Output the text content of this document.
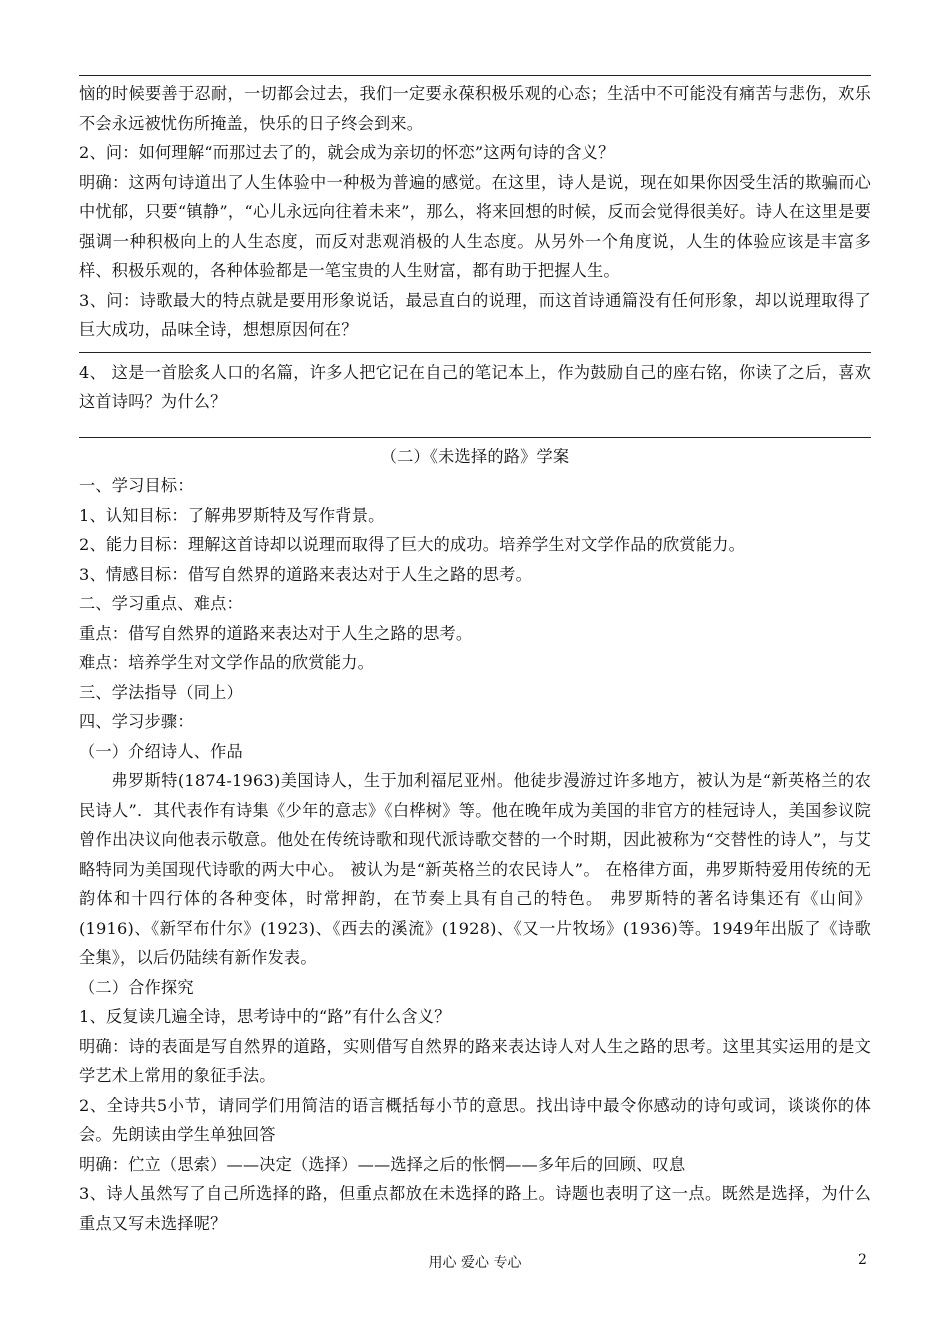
恼的时候要善于忍耐，一切都会过去，我们一定要永葆积极乐观的心态；生活中不可能没有痛苦与悲伤，欢乐不会永远被忧伤所掩盖，快乐的日子终会到来。

2、问：如何理解“而那过去了的，就会成为亲切的怀恋”这两句诗的含义？

明确：这两句诗道出了人生体验中一种极为普遍的感觉。在这里，诗人是说，现在如果你因受生活的欺骗而心中忧郁，只要“镇静”，“心儿永远向往着未来”，那么，将来回想的时候，反而会觉得很美好。诗人在这里是要强调一种积极向上的人生态度，而反对悲观消极的人生态度。从另外一个角度说，人生的体验应该是丰富多样、积极乐观的，各种体验都是一笔宝贵的人生财富，都有助于把握人生。

3、问：诗歌最大的特点就是要用形象说话，最忌直白的说理，而这首诗通篇没有任何形象，却以说理取得了巨大成功，品味全诗，想想原因何在？

4、 这是一首脍炙人口的名篇，许多人把它记在自己的笔记本上，作为鼓励自己的座右铭，你读了之后，喜欢这首诗吗？为什么？

（二）《未选择的路》学案

一、学习目标：

1、认知目标：了解弗罗斯特及写作背景。

2、能力目标：理解这首诗却以说理而取得了巨大的成功。培养学生对文学作品的欣赏能力。

3、情感目标：借写自然界的道路来表达对于人生之路的思考。

二、学习重点、难点：

重点：借写自然界的道路来表达对于人生之路的思考。

难点：培养学生对文学作品的欣赏能力。

三、学法指导（同上）

四、学习步骤：

（一）介绍诗人、作品

弗罗斯特(1874-1963)美国诗人，生于加利福尼亚州。他徒步漫游过许多地方，被认为是“新英格兰的农民诗人”．其代表作有诗集《少年的意志》《白桦树》等。他在晚年成为美国的非官方的桂冠诗人，美国参议院曾作出决议向他表示敬意。他处在传统诗歌和现代派诗歌交替的一个时期，因此被称为“交替性的诗人”，与艾略特同为美国现代诗歌的两大中心。 被认为是“新英格兰的农民诗人”。 在格律方面，弗罗斯特爱用传统的无韵体和十四行体的各种变体，时常押韵，在节奏上具有自己的特色。 弗罗斯特的著名诗集还有《山间》(1916)、《新罕布什尔》(1923)、《西去的溪流》(1928)、《又一片牧场》(1936)等。1949年出版了《诗歌全集》，以后仍陆续有新作发表。

（二）合作探究

1、反复读几遍全诗，思考诗中的“路”有什么含义？

明确：诗的表面是写自然界的道路，实则借写自然界的路来表达诗人对人生之路的思考。这里其实运用的是文学艺术上常用的象征手法。

2、全诗共5小节，请同学们用简洁的语言概括每小节的意思。找出诗中最令你感动的诗句或词，谈谈你的体会。先朗读由学生单独回答

明确：伫立（思索）——决定（选择）——选择之后的怅惘——多年后的回顾、叹息

3、诗人虽然写了自己所选择的路，但重点都放在未选择的路上。诗题也表明了这一点。既然是选择，为什么重点又写未选择呢？

用心 爱心 专心	2
